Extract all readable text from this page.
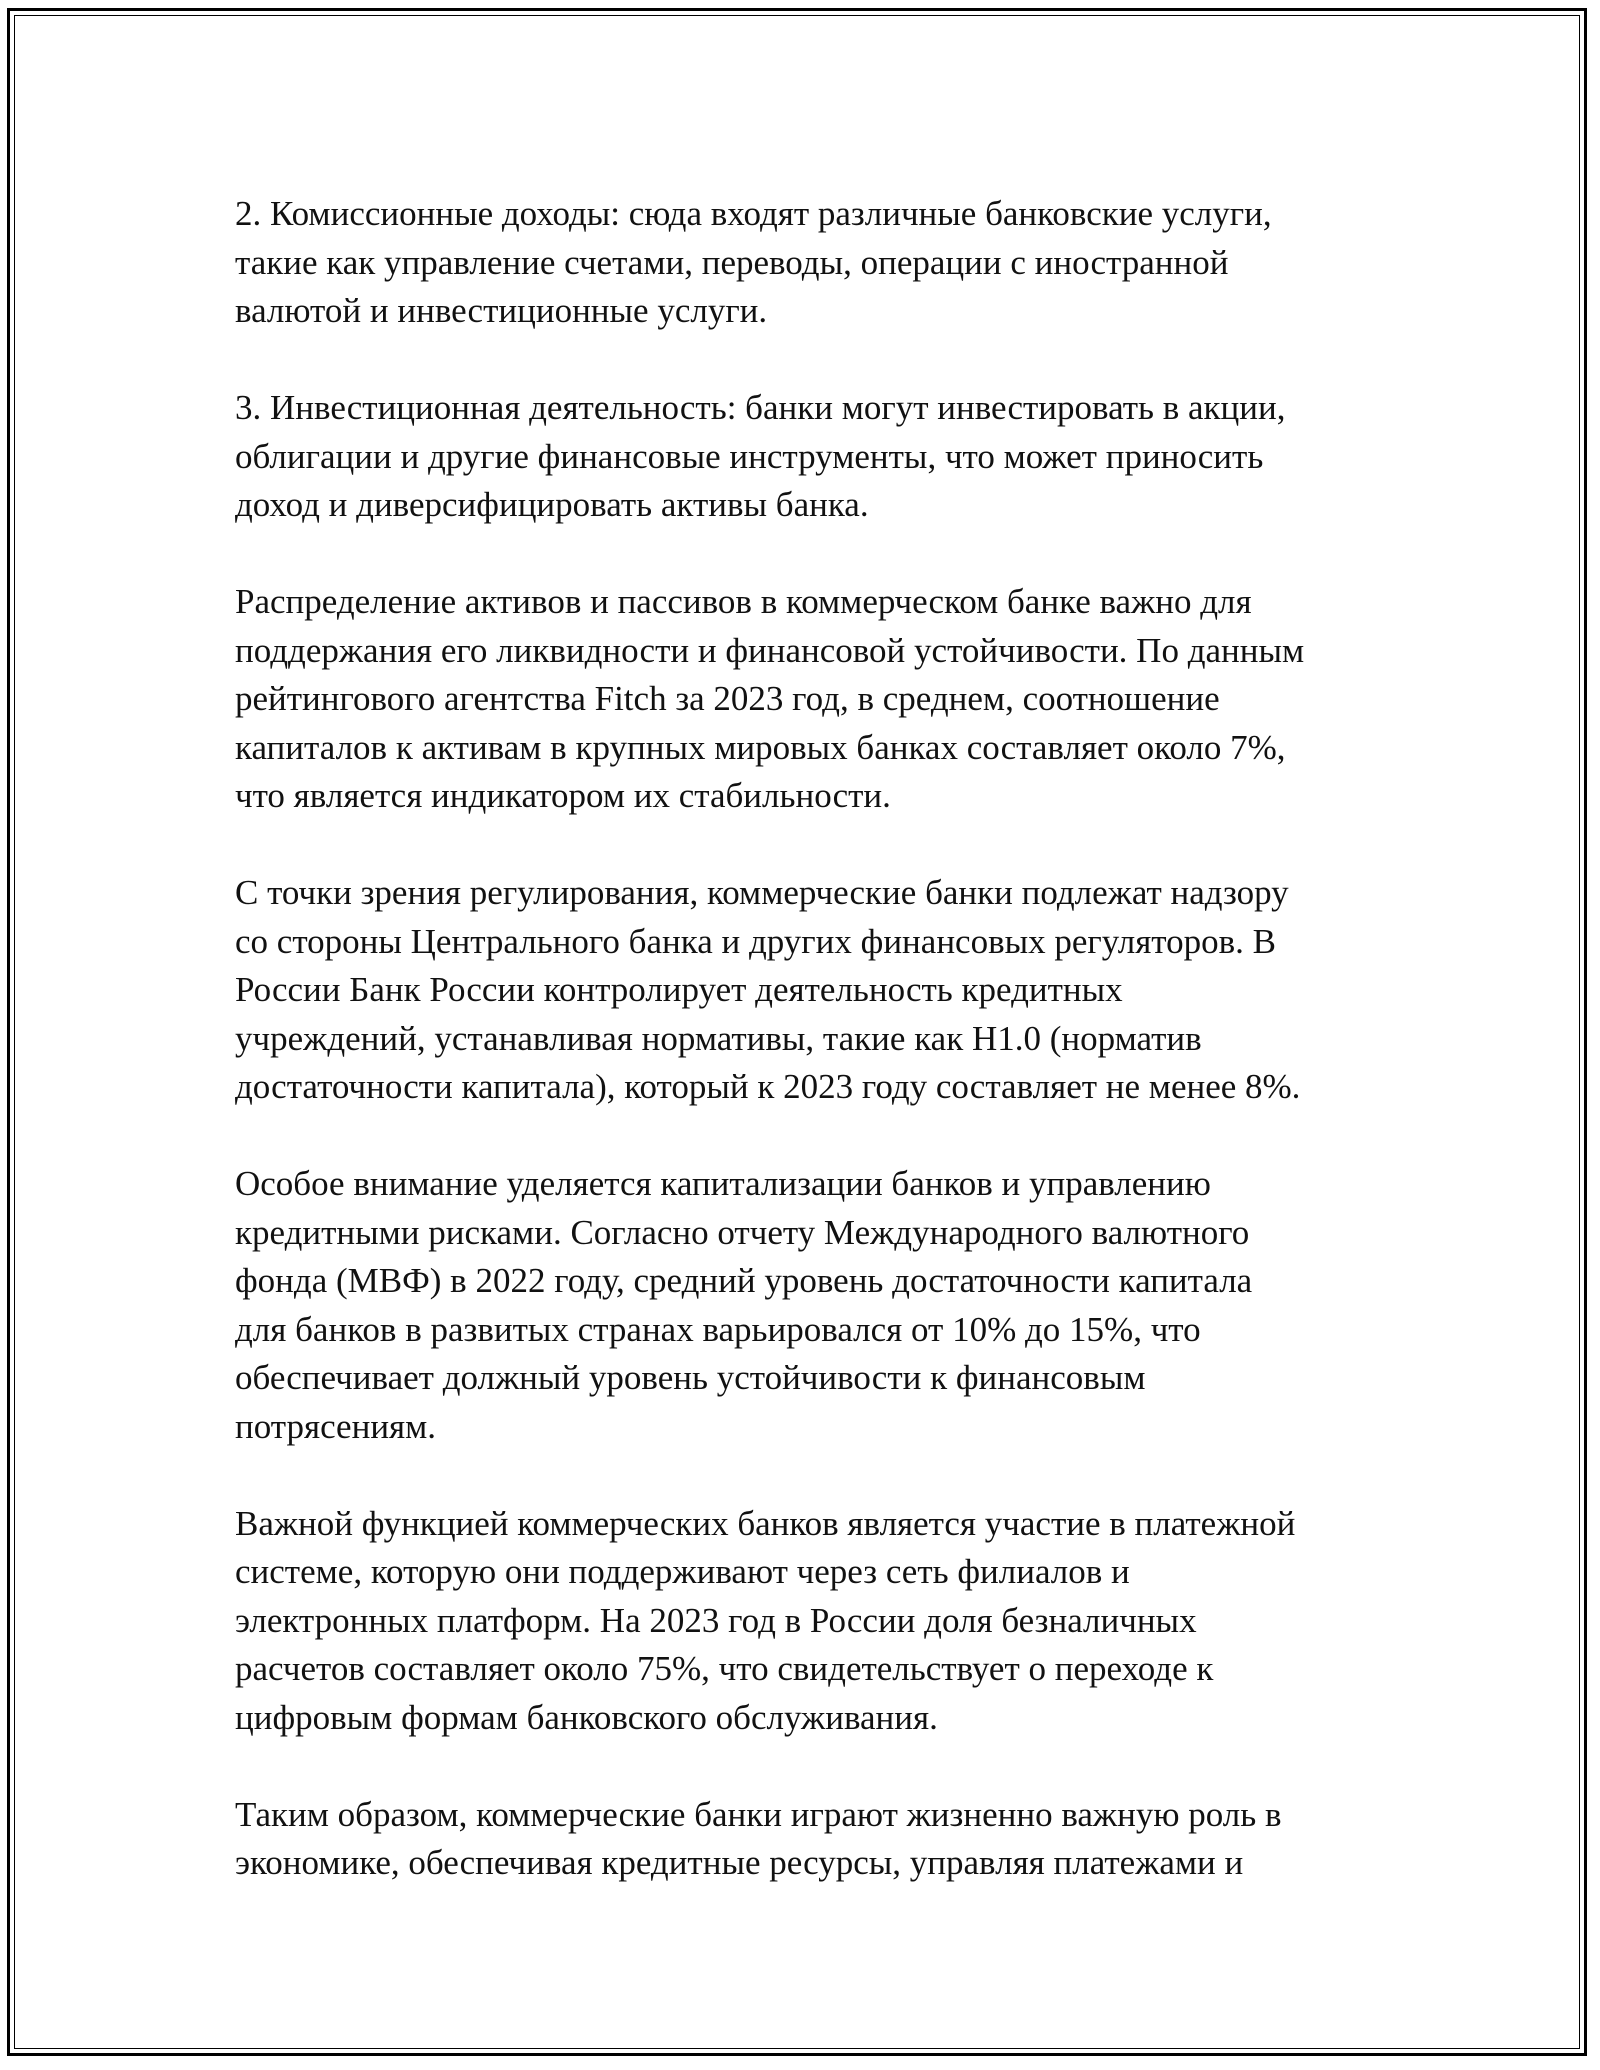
2. Комиссионные доходы: сюда входят различные банковские услуги,
такие как управление счетами, переводы, операции с иностранной
валютой и инвестиционные услуги.

3. Инвестиционная деятельность: банки могут инвестировать в акции,
облигации и другие финансовые инструменты, что может приносить
доход и диверсифицировать активы банка.

Распределение активов и пассивов в коммерческом банке важно для
поддержания его ликвидности и финансовой устойчивости. По данным
рейтингового агентства Fitch за 2023 год, в среднем, соотношение
капиталов к активам в крупных мировых банках составляет около 7%,
что является индикатором их стабильности.

С точки зрения регулирования, коммерческие банки подлежат надзору
со стороны Центрального банка и других финансовых регуляторов. В
России Банк России контролирует деятельность кредитных
учреждений, устанавливая нормативы, такие как Н1.0 (норматив
достаточности капитала), который к 2023 году составляет не менее 8%.

Особое внимание уделяется капитализации банков и управлению
кредитными рисками. Согласно отчету Международного валютного
фонда (МВФ) в 2022 году, средний уровень достаточности капитала
для банков в развитых странах варьировался от 10% до 15%, что
обеспечивает должный уровень устойчивости к финансовым
потрясениям.

Важной функцией коммерческих банков является участие в платежной
системе, которую они поддерживают через сеть филиалов и
электронных платформ. На 2023 год в России доля безналичных
расчетов составляет около 75%, что свидетельствует о переходе к
цифровым формам банковского обслуживания.

Таким образом, коммерческие банки играют жизненно важную роль в
экономике, обеспечивая кредитные ресурсы, управляя платежами и
